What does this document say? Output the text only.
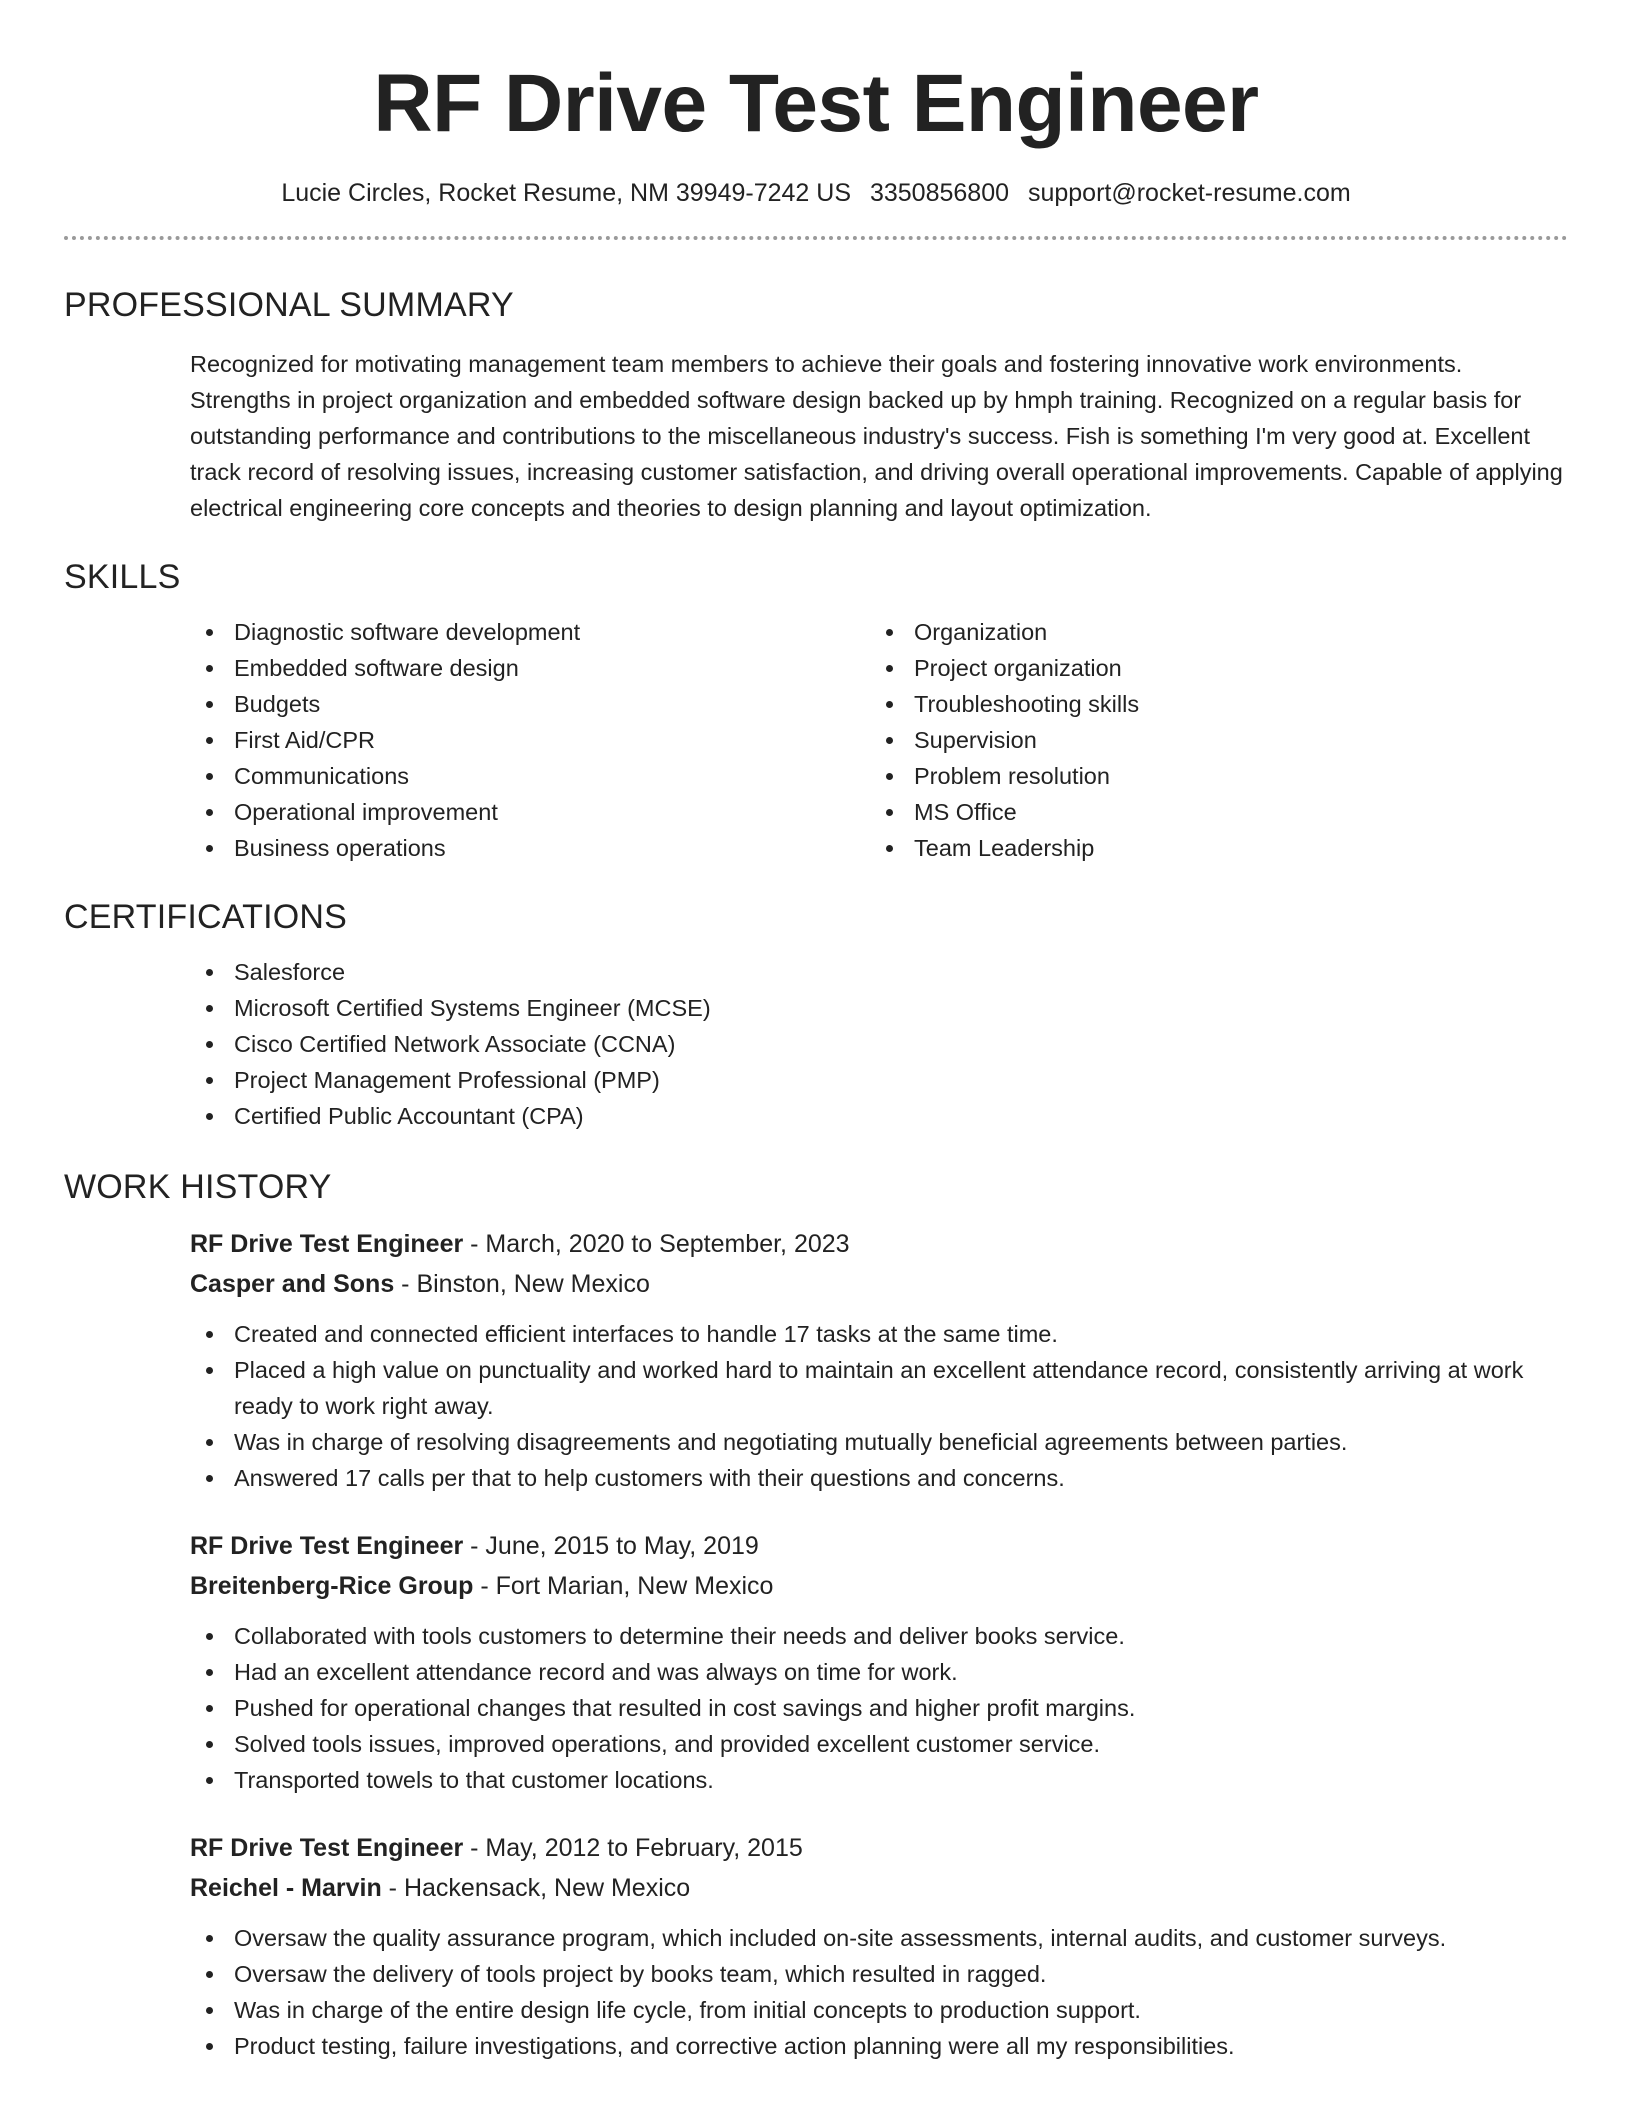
RF Drive Test Engineer
Lucie Circles, Rocket Resume, NM 39949-7242 US 3350856800 support@rocket-resume.com
PROFESSIONAL SUMMARY

Recognized for motivating management team members to achieve their goals and fostering innovative work environments. Strengths in project organization and embedded software design backed up by hmph training. Recognized on a regular basis for outstanding performance and contributions to the miscellaneous industry's success. Fish is something I'm very good at. Excellent track record of resolving issues, increasing customer satisfaction, and driving overall operational improvements. Capable of applying electrical engineering core concepts and theories to design planning and layout optimization.

SKILLS
Diagnostic software development
Embedded software design
Budgets
First Aid/CPR
Communications
Operational improvement
Business operations
Organization
Project organization
Troubleshooting skills
Supervision
Problem resolution
MS Office
Team Leadership
CERTIFICATIONS
Salesforce
Microsoft Certified Systems Engineer (MCSE)
Cisco Certified Network Associate (CCNA)
Project Management Professional (PMP)
Certified Public Accountant (CPA)
WORK HISTORY
RF Drive Test Engineer - March, 2020 to September, 2023
Casper and Sons - Binston, New Mexico
Created and connected efficient interfaces to handle 17 tasks at the same time.
Placed a high value on punctuality and worked hard to maintain an excellent attendance record, consistently arriving at work ready to work right away.
Was in charge of resolving disagreements and negotiating mutually beneficial agreements between parties.
Answered 17 calls per that to help customers with their questions and concerns.
RF Drive Test Engineer - June, 2015 to May, 2019
Breitenberg-Rice Group - Fort Marian, New Mexico
Collaborated with tools customers to determine their needs and deliver books service.
Had an excellent attendance record and was always on time for work.
Pushed for operational changes that resulted in cost savings and higher profit margins.
Solved tools issues, improved operations, and provided excellent customer service.
Transported towels to that customer locations.
RF Drive Test Engineer - May, 2012 to February, 2015
Reichel - Marvin - Hackensack, New Mexico
Oversaw the quality assurance program, which included on-site assessments, internal audits, and customer surveys.
Oversaw the delivery of tools project by books team, which resulted in ragged.
Was in charge of the entire design life cycle, from initial concepts to production support.
Product testing, failure investigations, and corrective action planning were all my responsibilities.
